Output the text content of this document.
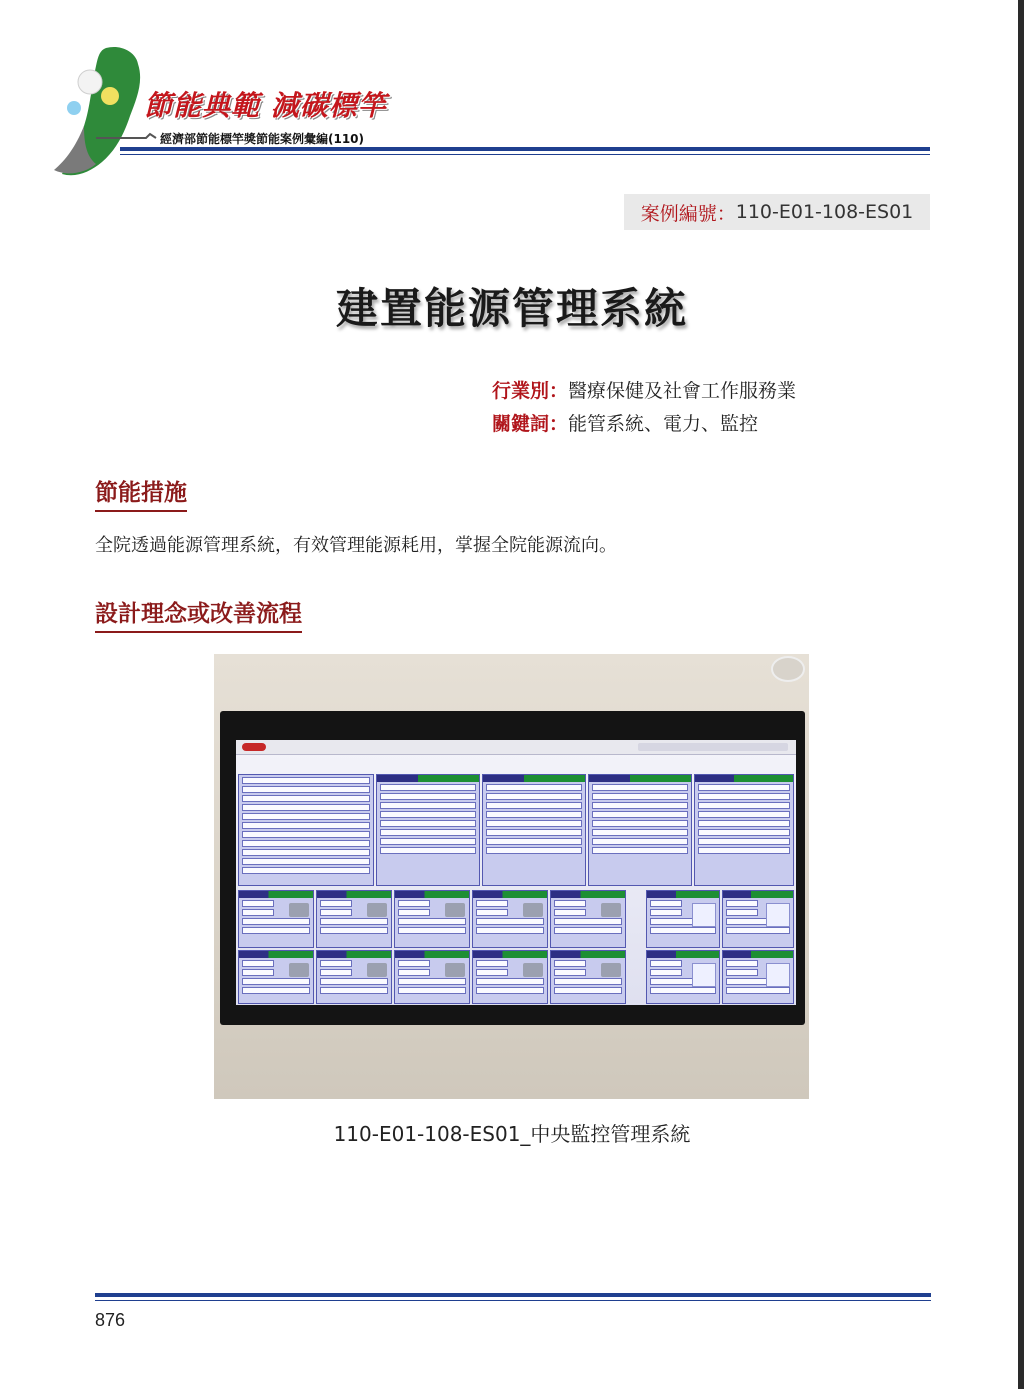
節能典範 減碳標竿
經濟部節能標竿獎節能案例彙編(110)
案例編號： 110-E01-108-ES01
建置能源管理系統
行業別：醫療保健及社會工作服務業
關鍵詞：能管系統、電力、監控
節能措施
全院透過能源管理系統，有效管理能源耗用，掌握全院能源流向。
設計理念或改善流程
110-E01-108-ES01_中央監控管理系統
876
